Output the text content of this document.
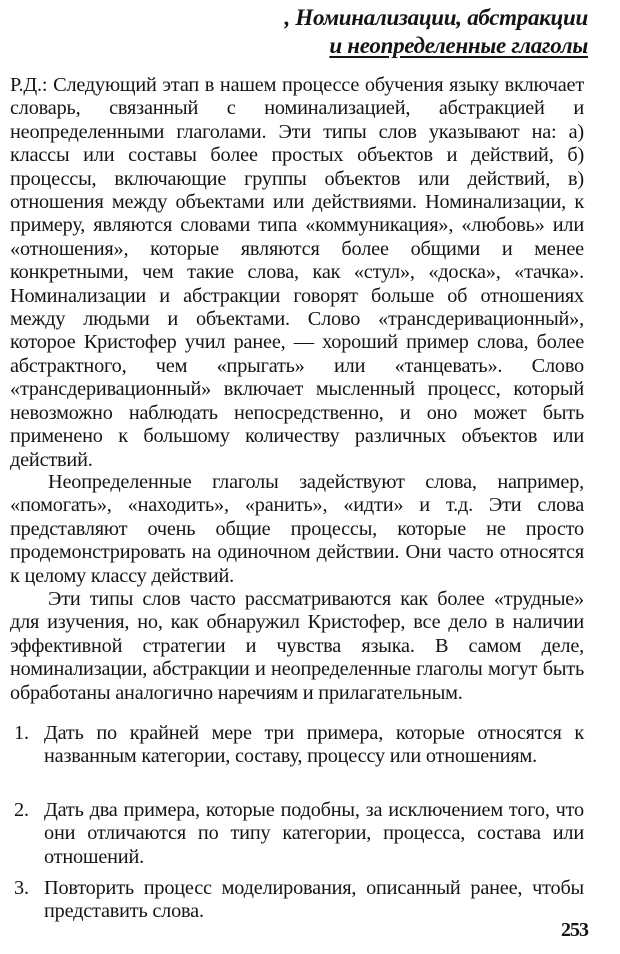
, Номинализации, абстракции
и неопределенные глаголы

Р.Д.: Следующий этап в нашем процессе обучения языку включает словарь, связанный с номинализацией, абстракцией и неопределенными глаголами. Эти типы слов указывают на: а) классы или составы более простых объектов и действий, б) процессы, включающие группы объектов или действий, в) отношения между объектами или действиями. Номинализации, к примеру, являются словами типа «коммуникация», «любовь» или «отношения», которые являются более общими и менее конкретными, чем такие слова, как «стул», «доска», «тачка». Номинализации и абстракции говорят больше об отношениях между людьми и объектами. Слово «трансдеривационный», которое Кристофер учил ранее, — хороший пример слова, более абстрактного, чем «прыгать» или «танцевать». Слово «трансдеривационный» включает мысленный процесс, который невозможно наблюдать непосредственно, и оно может быть применено к большому количеству различных объектов или действий.

Неопределенные глаголы задействуют слова, например, «помогать», «находить», «ранить», «идти» и т.д. Эти слова представляют очень общие процессы, которые не просто продемонстрировать на одиночном действии. Они часто относятся к целому классу действий.

Эти типы слов часто рассматриваются как более «трудные» для изучения, но, как обнаружил Кристофер, все дело в наличии эффективной стратегии и чувства языка. В самом деле, номинализации, абстракции и неопределенные глаголы могут быть обработаны аналогично наречиям и прилагательным.

1. Дать по крайней мере три примера, которые относятся к названным категории, составу, процессу или отношениям.
2. Дать два примера, которые подобны, за исключением того, что они отличаются по типу категории, процесса, состава или отношений.
3. Повторить процесс моделирования, описанный ранее, чтобы представить слова.
253
